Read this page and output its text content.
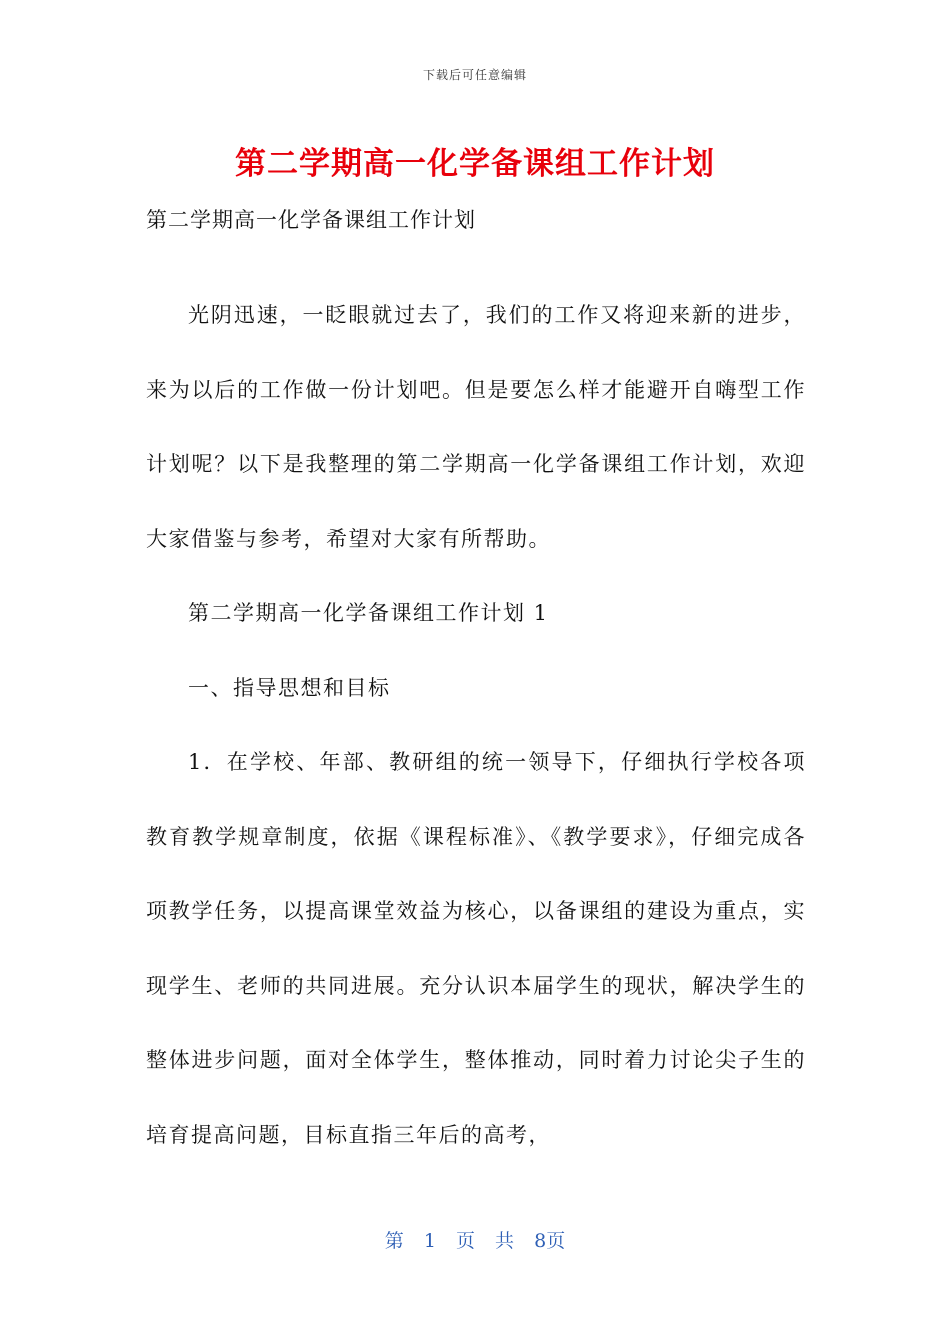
下载后可任意编辑
第二学期高一化学备课组工作计划

第二学期高一化学备课组工作计划

光阴迅速，一眨眼就过去了，我们的工作又将迎来新的进步，来为以后的工作做一份计划吧。但是要怎么样才能避开自嗨型工作计划呢？以下是我整理的第二学期高一化学备课组工作计划，欢迎大家借鉴与参考，希望对大家有所帮助。

第二学期高一化学备课组工作计划 1

一、指导思想和目标

1．在学校、年部、教研组的统一领导下，仔细执行学校各项教育教学规章制度，依据《课程标准》、《教学要求》，仔细完成各项教学任务，以提高课堂效益为核心，以备课组的建设为重点，实现学生、老师的共同进展。充分认识本届学生的现状，解决学生的整体进步问题，面对全体学生，整体推动，同时着力讨论尖子生的培育提高问题，目标直指三年后的高考，

第 1 页 共 8页
